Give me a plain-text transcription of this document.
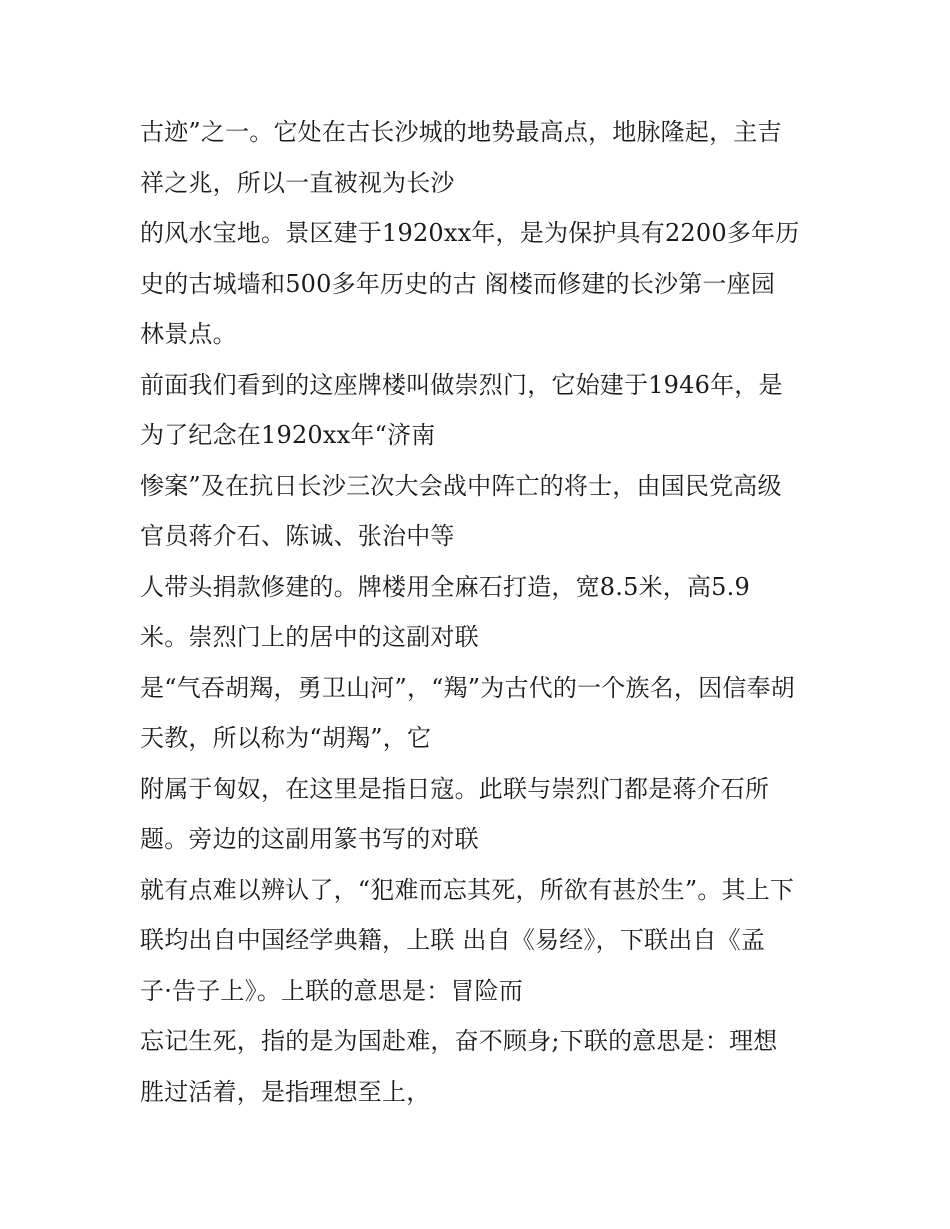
古迹”之一。它处在古长沙城的地势最高点，地脉隆起，主吉
祥之兆，所以一直被视为长沙
的风水宝地。景区建于1920xx年，是为保护具有2200多年历
史的古城墙和500多年历史的古 阁楼而修建的长沙第一座园
林景点。
前面我们看到的这座牌楼叫做崇烈门，它始建于1946年，是
为了纪念在1920xx年“济南
惨案”及在抗日长沙三次大会战中阵亡的将士，由国民党高级
官员蒋介石、陈诚、张治中等
人带头捐款修建的。牌楼用全麻石打造，宽8.5米，高5.9
米。崇烈门上的居中的这副对联
是“气吞胡羯，勇卫山河”，“羯”为古代的一个族名，因信奉胡
天教，所以称为“胡羯”，它
附属于匈奴，在这里是指日寇。此联与崇烈门都是蒋介石所
题。旁边的这副用篆书写的对联
就有点难以辨认了，“犯难而忘其死，所欲有甚於生”。其上下
联均出自中国经学典籍，上联 出自《易经》，下联出自《孟
子·告子上》。上联的意思是：冒险而
忘记生死，指的是为国赴难，奋不顾身;下联的意思是：理想
胜过活着，是指理想至上，
